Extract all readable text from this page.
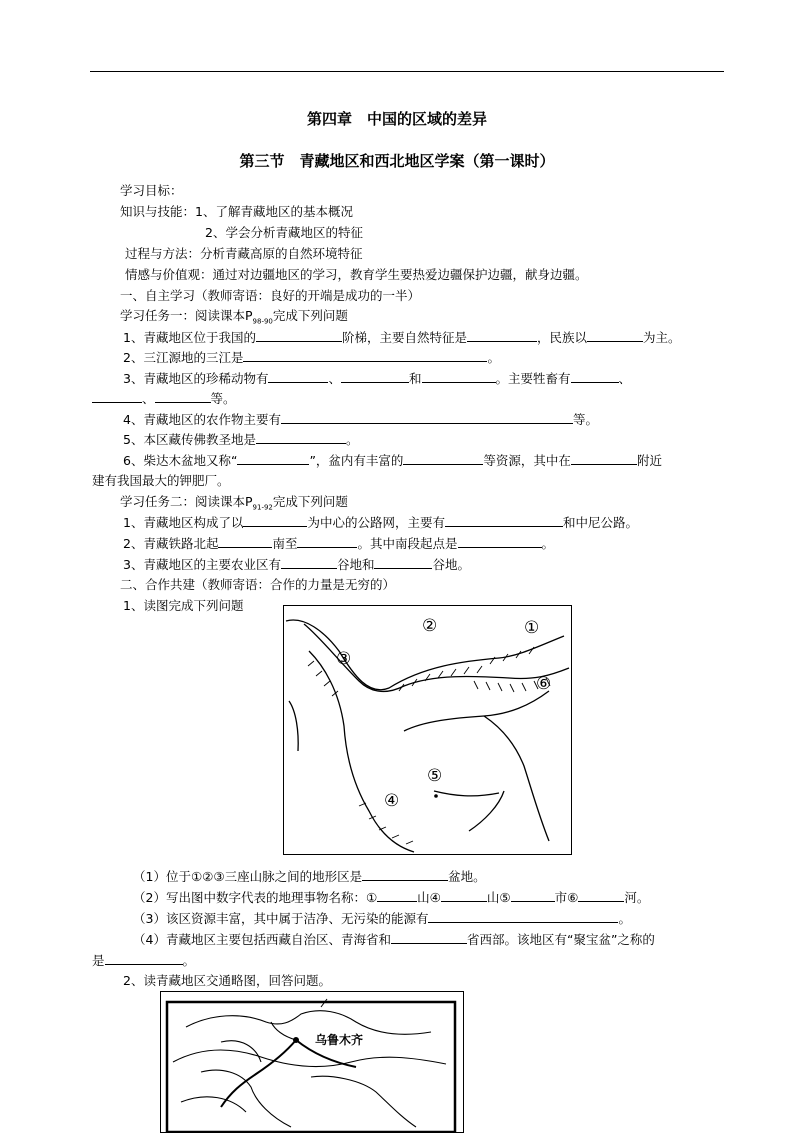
第四章　中国的区域的差异
第三节　青藏地区和西北地区学案（第一课时）
学习目标：
知识与技能：1、了解青藏地区的基本概况
2、学会分析青藏地区的特征
过程与方法：分析青藏高原的自然环境特征
情感与价值观：通过对边疆地区的学习，教育学生要热爱边疆保护边疆，献身边疆。
一、自主学习（教师寄语：良好的开端是成功的一半）
学习任务一：阅读课本$P_{98-90}$完成下列问题
1、青藏地区位于我国的	阶梯，主要自然特征是	，民族以	为主。
2、三江源地的三江是	。
3、青藏地区的珍稀动物有	、	和	。主要牲畜有	、
、	等。
4、青藏地区的农作物主要有	等。
5、本区藏传佛教圣地是	。
6、柴达木盆地又称“	”，盆内有丰富的	等资源，其中在	附近
建有我国最大的钾肥厂。
学习任务二：阅读课本$P_{91-92}$完成下列问题
1、青藏地区构成了以	为中心的公路网，主要有	和中尼公路。
2、青藏铁路北起	南至	。其中南段起点是	。
3、青藏地区的主要农业区有	谷地和	谷地。
二、合作共建（教师寄语：合作的力量是无穷的）
1、读图完成下列问题
②	①
③
⑥
⑤
④
（1）位于①②③三座山脉之间的地形区是	盆地。
（2）写出图中数字代表的地理事物名称：①	山④	山⑤	市⑥	河。
（3）该区资源丰富，其中属于洁净、无污染的能源有	。
（4）青藏地区主要包括西藏自治区、青海省和	省西部。该地区有“聚宝盆”之称的
是	。
2、读青藏地区交通略图，回答问题。
乌鲁木齐
